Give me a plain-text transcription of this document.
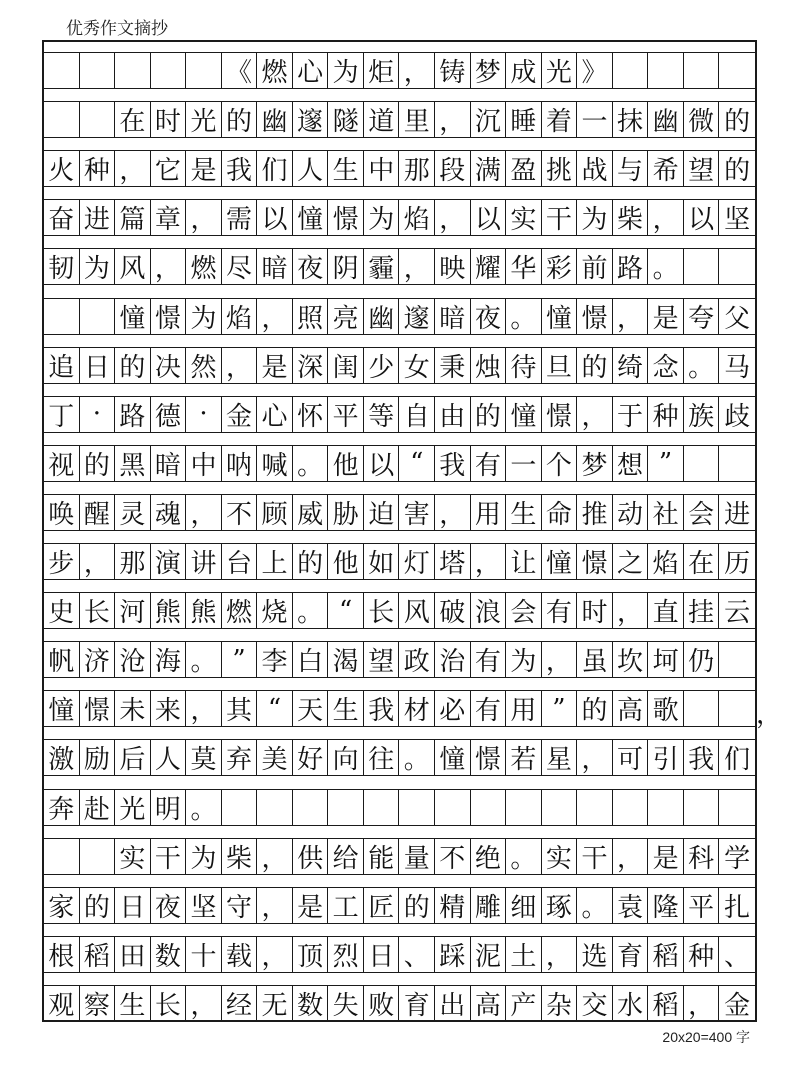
优秀作文摘抄
《 燃 心 为 炬 ， 铸 梦 成 光 》
在 时 光 的 幽 邃 隧 道 里 ， 沉 睡 着 一 抹 幽 微 的
火 种 ， 它 是 我 们 人 生 中 那 段 满 盈 挑 战 与 希 望 的
奋 进 篇 章 ， 需 以 憧 憬 为 焰 ， 以 实 干 为 柴 ， 以 坚
韧 为 风 ， 燃 尽 暗 夜 阴 霾 ， 映 耀 华 彩 前 路 。
憧 憬 为 焰 ， 照 亮 幽 邃 暗 夜 。 憧 憬 ， 是 夸 父
追 日 的 决 然 ， 是 深 闺 少 女 秉 烛 待 旦 的 绮 念 。 马
丁 · 路 德 · 金 心 怀 平 等 自 由 的 憧 憬 ， 于 种 族 歧
视 的 黑 暗 中 呐 喊 。 他 以 “ 我 有 一 个 梦 想 ”
唤 醒 灵 魂 ， 不 顾 威 胁 迫 害 ， 用 生 命 推 动 社 会 进
步 ， 那 演 讲 台 上 的 他 如 灯 塔 ， 让 憧 憬 之 焰 在 历
史 长 河 熊 熊 燃 烧 。 “ 长 风 破 浪 会 有 时 ， 直 挂 云
帆 济 沧 海 。 ” 李 白 渴 望 政 治 有 为 ， 虽 坎 坷 仍
憧 憬 未 来 ， 其 “ 天 生 我 材 必 有 用 ” 的 高 歌
激 励 后 人 莫 弃 美 好 向 往 。 憧 憬 若 星 ， 可 引 我 们
奔 赴 光 明 。
实 干 为 柴 ， 供 给 能 量 不 绝 。 实 干 ， 是 科 学
家 的 日 夜 坚 守 ， 是 工 匠 的 精 雕 细 琢 。 袁 隆 平 扎
根 稻 田 数 十 载 ， 顶 烈 日 、 踩 泥 土 ， 选 育 稻 种 、
观 察 生 长 ， 经 无 数 失 败 育 出 高 产 杂 交 水 稻 ， 金
，
20x20=400 字
